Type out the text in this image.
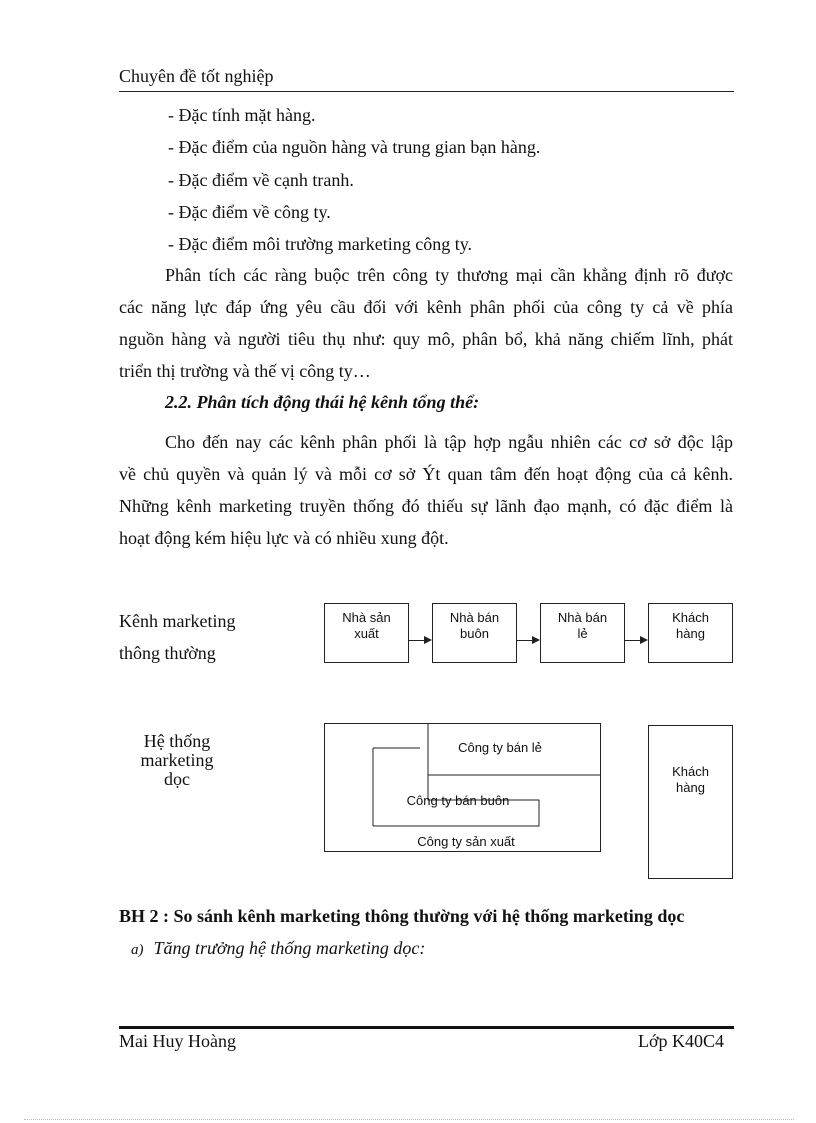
Chuyên đề tốt nghiệp
- Đặc tính mặt hàng.
- Đặc điểm của nguồn hàng và trung gian bạn hàng.
- Đặc điểm về cạnh tranh.
- Đặc điểm về công ty.
- Đặc điểm môi trường marketing công ty.
Phân tích các ràng buộc trên công ty thương mại cần khẳng định rõ được
các năng lực đáp ứng yêu cầu đối với kênh phân phối của công ty cả về phía
nguồn hàng và người tiêu thụ như: quy mô, phân bổ, khả năng chiếm lĩnh, phát
triển thị trường và thế vị công ty…
2.2. Phân tích động thái hệ kênh tổng thể:
Cho đến nay các kênh phân phối là tập hợp ngẫu nhiên các cơ sở độc lập
về chủ quyền và quản lý và mỗi cơ sở Ýt quan tâm đến hoạt động của cả kênh.
Những kênh marketing truyền thống đó thiếu sự lãnh đạo mạnh, có đặc điểm là
hoạt động kém hiệu lực và có nhiều xung đột.
Kênh marketing
thông thường
Nhà sản
xuất
Nhà bán
buôn
Nhà bán
lẻ
Khách
hàng
Hệ thống
marketing
dọc
Công ty bán lẻ
Công ty bán buôn
Công ty sản xuất
Khách
hàng
BH 2 : So sánh kênh marketing thông thường với hệ thống marketing dọc
a) Tăng trưởng hệ thống marketing dọc:
Mai Huy Hoàng	Lớp K40C4
